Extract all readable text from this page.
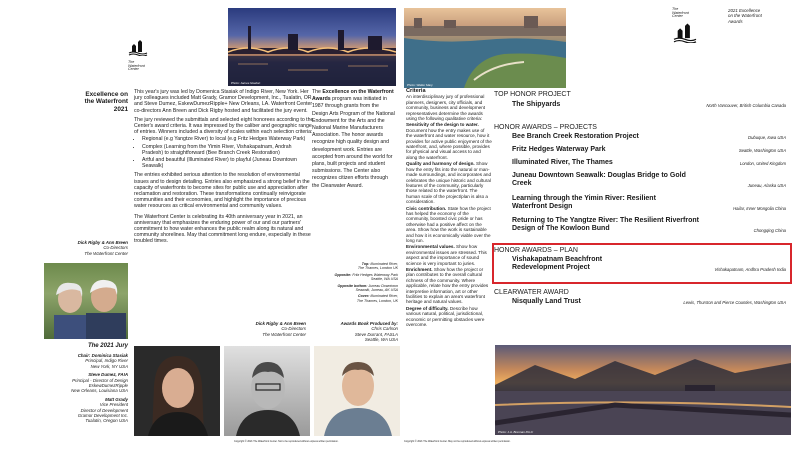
The
Waterfront
Center
Excellence on
the Waterfront
2021

This year's jury was led by Domenica Stasiak of Indigo River, New York. Her jury colleagues included Matt Grady, Gramor Development, Inc., Tualatin, OR and Steve Dumez, EskewDumezRipple+ New Orleans, LA. Waterfront Center co-directors Ann Breen and Dick Rigby hosted and facilitated the jury event.

The jury reviewed the submittals and selected eight honorees according to the Center's award criteria. It was impressed by the caliber and geographic range of entries. Winners included a diversity of scales within each selection criteria:

• Regional (e.g Yangtze River) to local (e.g Fritz Hedges Waterway Park)
• Complex (Learning from the Yimin River, Vishakapatnam, Andrah Pradesh) to straightforward (Bee Branch Creek Restoration)
• Artful and beautiful (Illuminated River) to playful (Juneau Downtown Seawalk)

The entries exhibited serious attention to the resolution of environmental issues and to design detailing. Entries also emphasized a strong belief in the capacity of waterfronts to become sites for public use and appreciation after reclamation and restoration. These transformations continually reinvigorate communities and their economies, and highlight the importance of precious water resources as critical environmental and community values.

The Waterfront Center is celebrating its 40th anniversary year in 2021, an anniversary that emphasizes the enduring power of our and our partners' commitment to how water enhances the public realm along its natural and community shorelines. May that commitment long endure, especially in these troubled times.

Dick Rigby & Ann Breen
Co-Directors
The Waterfront Center
The 2021 Jury
Chair: Dominica Stasiak
Principal, Indigo River
New York, NY USA
Steve Dumez, FAIA
Principal - Director of Design
EskewDumezRipple
New Orleans, Louisiana USA
Matt Grady
Vice President
Director of Development
Gramor Development Inc.
Tualatin, Oregon USA
Photo: James Newton
The Excellence on the Waterfront Awards program was initiated in 1987 through grants from the Design Arts Program of the National Endowment for the Arts and the National Marine Manufacturers Association. The honor awards recognize high quality design and development work. Entries are accepted from around the world for plans, built projects and student submissions. The Center also recognizes citizen efforts through the Clearwater Award.
Top: Illuminated River,
The Thames, London UK
Opposite: Fritz Hedges Waterway Park
Seattle, WA USA
Opposite bottom: Juneau Downtown
Seawalk, Juneau, AK USA
Cover: Illuminated River,
The Thames, London, UK
Awards Book Produced by:
Chris Carlson
Steve Durrant, FASLA
Seattle, WA USA
Dick Rigby & Ann Breen
Co-Directors
The Waterfront Center
Copyright © 2021 The Waterfront Center. Not to be reproduced without express written permission.
Photo: Walter Mary
Criteria

An interdisciplinary jury of professional planners, designers, city officials, and community, business and development representatives determine the awards using the following qualitative criteria:

Sensitivity of the design to water. Document how the entry makes use of the waterfront and water resource, how it provides for active public enjoyment of the waterfront, and, where possible, provides for physical and visual access to and along the waterfront.

Quality and harmony of design. Show how the entry fits into the natural or man-made surroundings, and incorporates and celebrates the unique historic and cultural features of the community, particularly those related to the waterfront. The human scale of the project/plan is also a consideration.

Civic contribution. State how the project has helped the economy of the community, boosted civic pride or has otherwise had a positive affect on the area. Show how the work is sustainable and how it is economically viable over the long run.

Environmental values. Show how environmental issues are stressed. This aspect and the importance of sound science is very important to juries.

Enrichment. Show how the project or plan contributes to the overall cultural richness of the community. Where applicable, relate how the entry provides interpretive information, art or other facilities to explain an area's waterfront heritage and natural values.

Degree of difficulty. Describe how various natural, political, jurisdictional, economic or permitting obstacles were overcome.

The
Waterfront
Center
2021 Excellence
on the Waterfront
Awards
TOP HONOR PROJECT
The Shipyards	North Vancouver, British Columbia Canada
HONOR AWARDS – PROJECTS
Bee Branch Creek Restoration Project	Dubuque, Iowa USA
Fritz Hedges Waterway Park	Seattle, Washington USA
Illuminated River, The Thames	London, United Kingdom
Juneau Downtown Seawalk: Douglas Bridge to Gold Creek	Juneau, Alaska USA
Learning through the Yimin River: Resilient Waterfront Design	Hailar, Inner Mongolia China
Returning to The Yangtze River: The Resilient Riverfront Design of The Kowloon Bund	Chongqing China
HONOR AWARDS – PLAN
Vishakapatnam Beachfront Redevelopment Project	Vishakapatnam, Andhra Pradesh India
CLEARWATER AWARD
Nisqually Land Trust	Lewis, Thurston and Pierce Counties, Washington USA
Photo: J.A. Brennan PLLC
Copyright © 2021 The Waterfront Center. May not be reproduced without express written permission.
